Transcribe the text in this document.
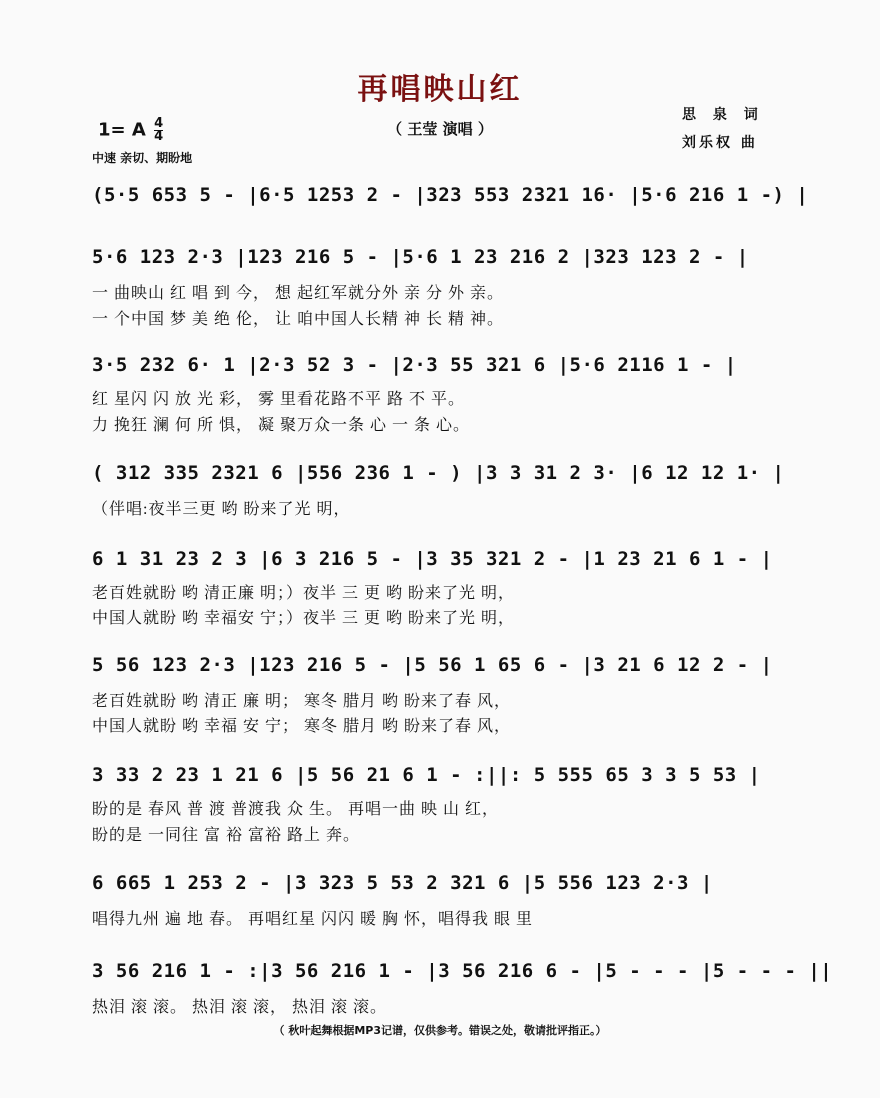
再唱映山红
（ 王莹 演唱 ）
思 泉 词
刘乐权 曲
1= A $\frac{4}{4}$
中速 亲切、期盼地
(5·5 653 5 - |6·5 1253 2 - |323 553 2321 16· |5·6 216 1 -) |
5·6 123 2·3 |123 216 5 - |5·6 1 23 216 2 |323 123 2 - |
一 曲映山 红 唱 到 今， 想 起红军就分外 亲 分 外 亲。
一 个中国 梦 美 绝 伦， 让 咱中国人长精 神 长 精 神。
3·5 232 6· 1 |2·3 52 3 - |2·3 55 321 6 |5·6 2116 1 - |
红 星闪 闪 放 光 彩， 雾 里看花路不平 路 不 平。
力 挽狂 澜 何 所 惧， 凝 聚万众一条 心 一 条 心。
( 312 335 2321 6 |556 236 1 - ) |3 3 31 2 3· |6 12 12 1· |
（伴唱:夜半三更 哟 盼来了光 明，
6 1 31 23 2 3 |6 3 216 5 - |3 35 321 2 - |1 23 21 6 1 - |
老百姓就盼 哟 清正廉 明；）夜半 三 更 哟 盼来了光 明，
中国人就盼 哟 幸福安 宁；）夜半 三 更 哟 盼来了光 明，
5 56 123 2·3 |123 216 5 - |5 56 1 65 6 - |3 21 6 12 2 - |
老百姓就盼 哟 清正 廉 明； 寒冬 腊月 哟 盼来了春 风，
中国人就盼 哟 幸福 安 宁； 寒冬 腊月 哟 盼来了春 风，
3 33 2 23 1 21 6 |5 56 21 6 1 - :||: 5 555 65 3 3 5 53 |
盼的是 春风 普 渡 普渡我 众 生。 再唱一曲 映 山 红，
盼的是 一同往 富 裕 富裕 路上 奔。
6 665 1 253 2 - |3 323 5 53 2 321 6 |5 556 123 2·3 |
唱得九州 遍 地 春。 再唱红星 闪闪 暖 胸 怀，唱得我 眼 里
3 56 216 1 - :|3 56 216 1 - |3 56 216 6 - |5 - - - |5 - - - ||
热泪 滚 滚。 热泪 滚 滚， 热泪 滚 滚。
（ 秋叶起舞根据MP3记谱，仅供参考。错误之处，敬请批评指正。）
